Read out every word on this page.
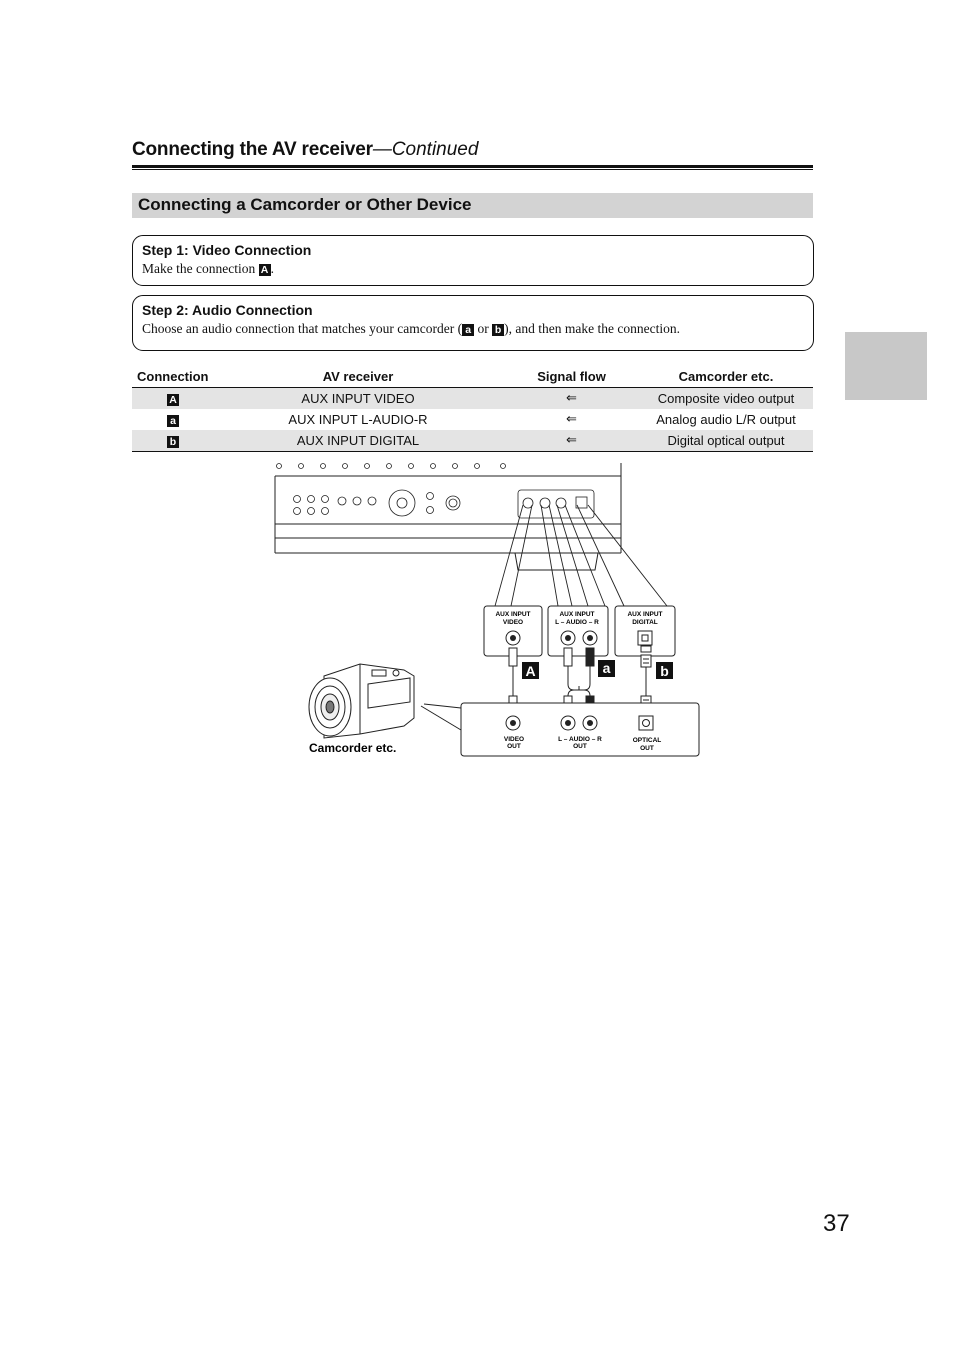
Connecting the AV receiver—Continued
Connecting a Camcorder or Other Device
Step 1: Video Connection
Make the connection A .
Step 2: Audio Connection
Choose an audio connection that matches your camcorder ( a or b ), and then make the connection.
Connection	AV receiver	Signal flow	Camcorder etc.
A	AUX INPUT VIDEO	⇐	Composite video output
a	AUX INPUT L-AUDIO-R	⇐	Analog audio L/R output
b	AUX INPUT DIGITAL	⇐	Digital optical output
AUX INPUT
VIDEO
AUX INPUT
L – AUDIO – R
AUX INPUT
DIGITAL
A	a	b
VIDEO
OUT
L – AUDIO – R
OUT
OPTICAL
OUT
Camcorder etc.
37
